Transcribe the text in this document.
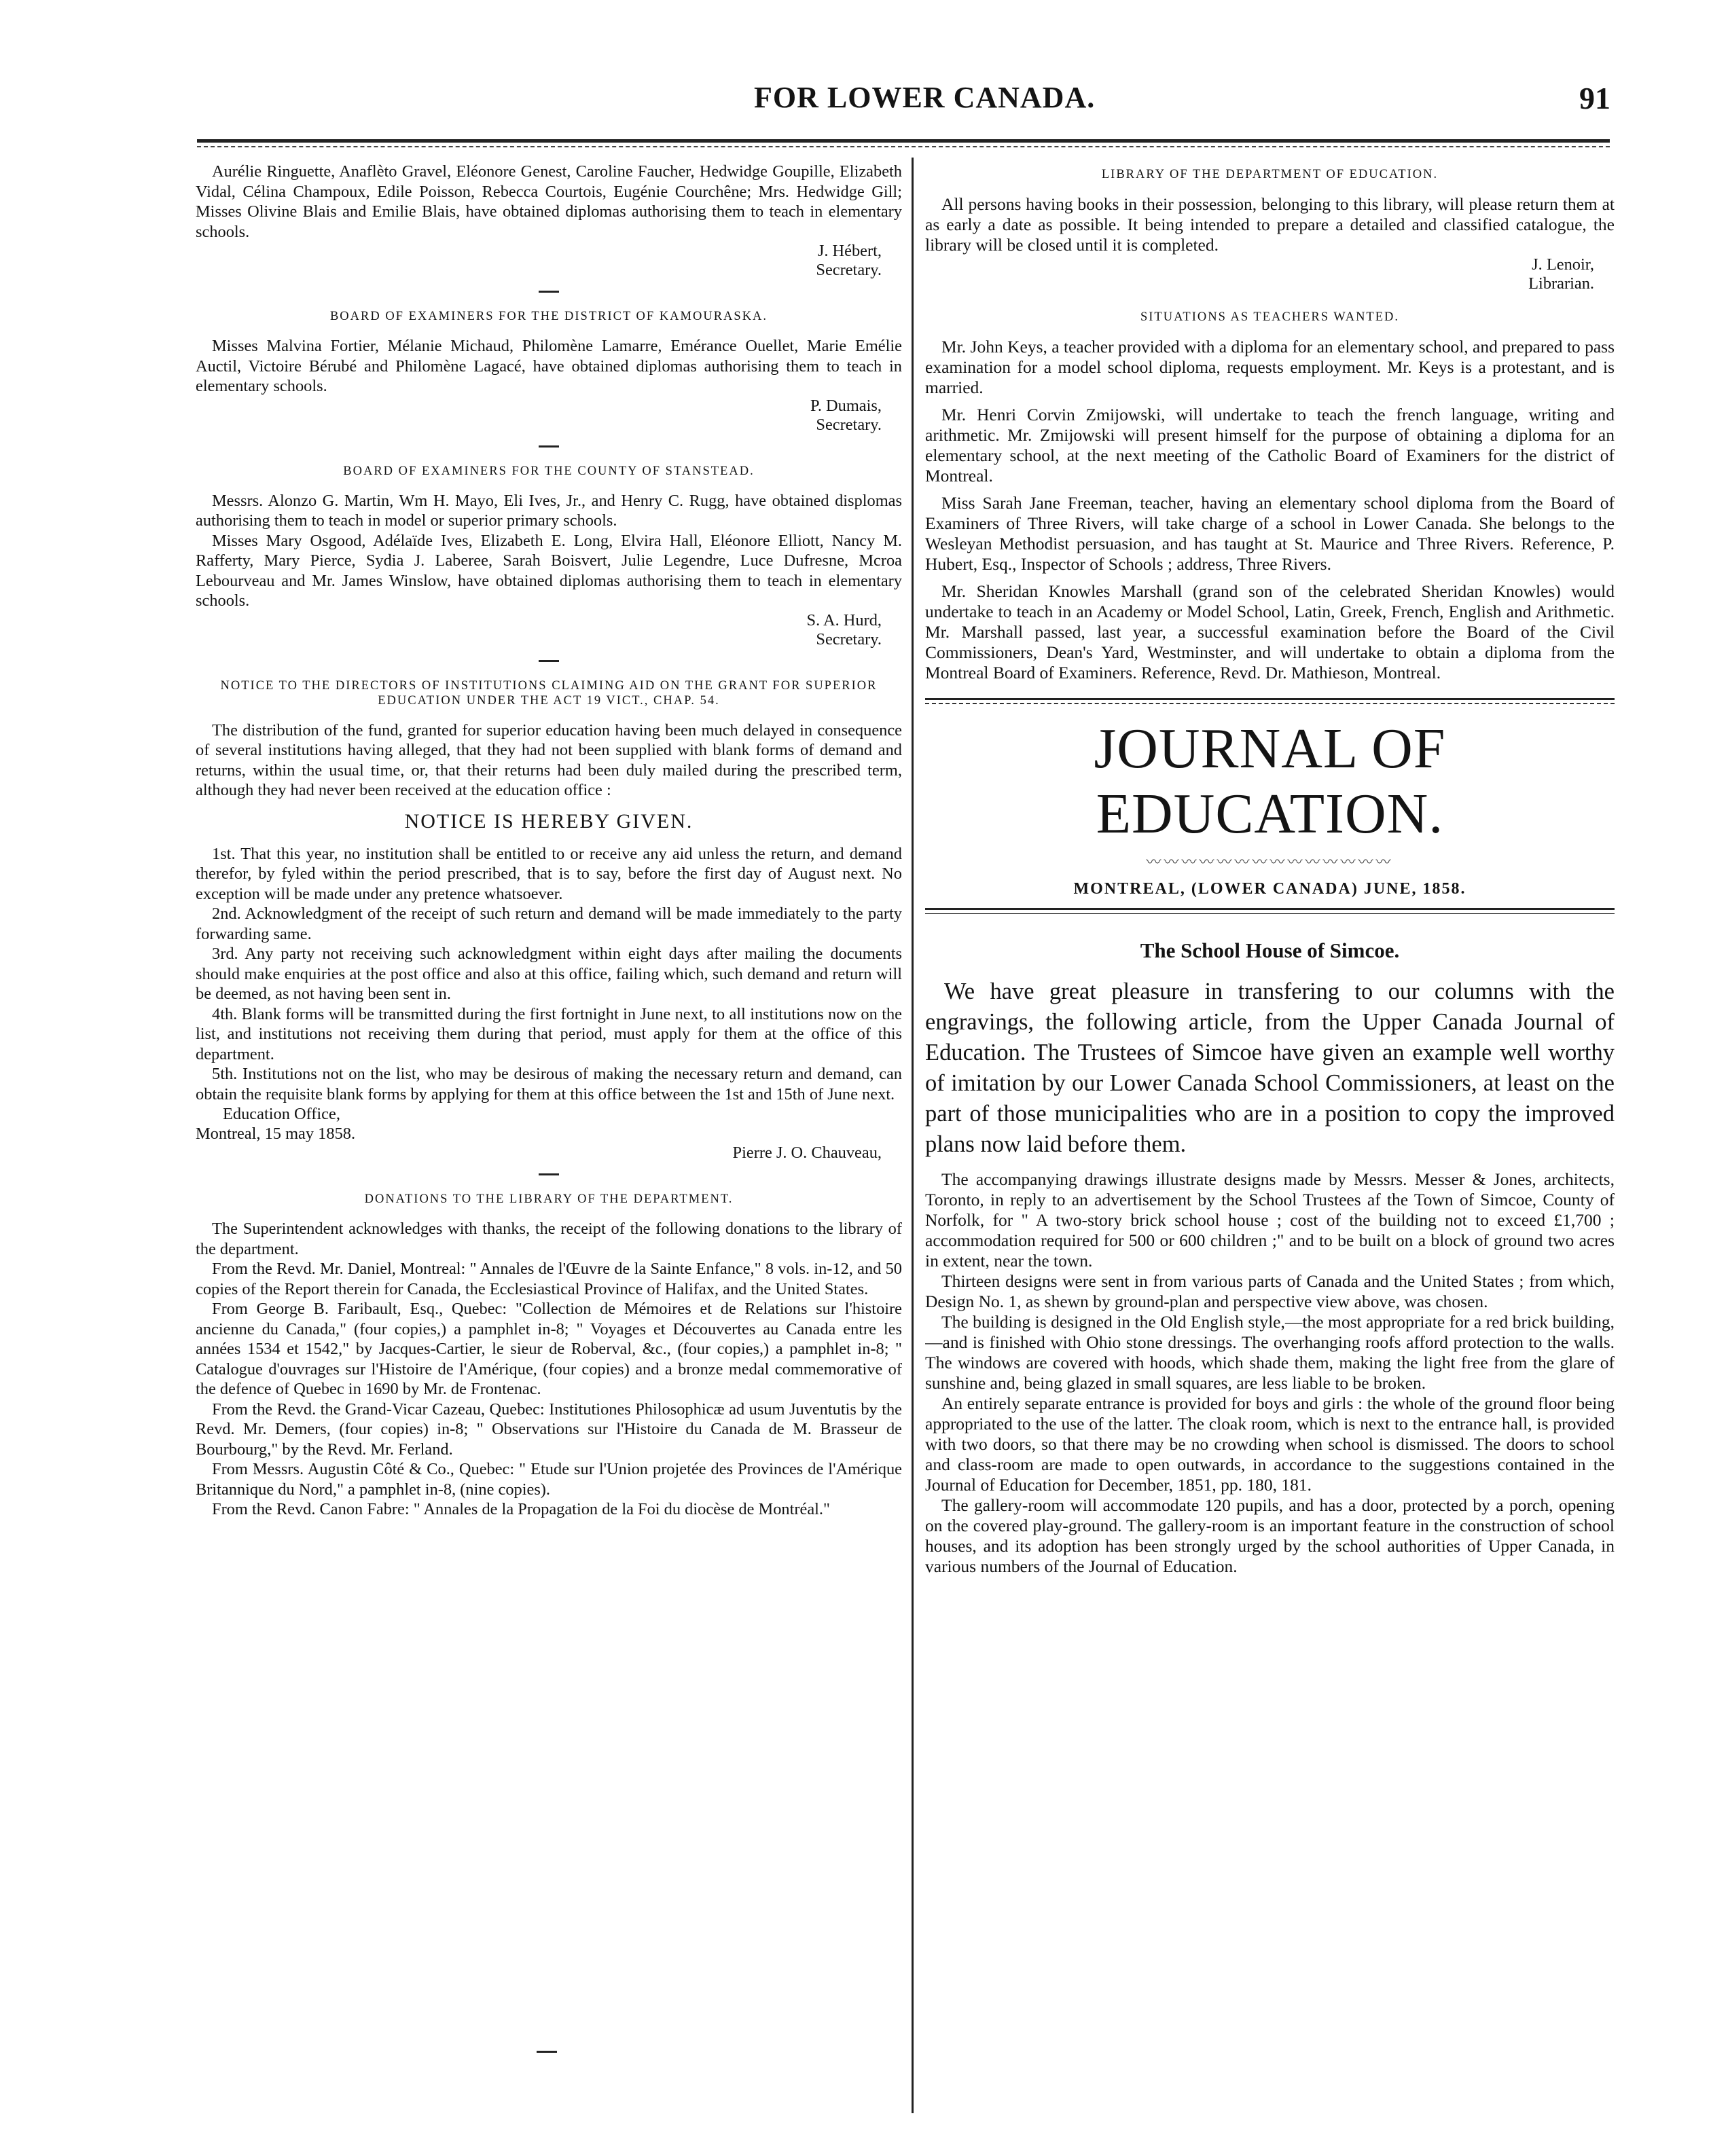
FOR LOWER CANADA.	91

Aurélie Ringuette, Anaflèto Gravel, Eléonore Genest, Caroline Faucher, Hedwidge Goupille, Elizabeth Vidal, Célina Champoux, Edile Poisson, Rebecca Courtois, Eugénie Courchêne; Mrs. Hedwidge Gill; Misses Olivine Blais and Emilie Blais, have obtained diplomas authorising them to teach in elementary schools.

J. Hébert,
Secretary.
BOARD OF EXAMINERS FOR THE DISTRICT OF KAMOURASKA.

Misses Malvina Fortier, Mélanie Michaud, Philomène Lamarre, Emérance Ouellet, Marie Emélie Auctil, Victoire Bérubé and Philomène Lagacé, have obtained diplomas authorising them to teach in elementary schools.

P. Dumais,
Secretary.
BOARD OF EXAMINERS FOR THE COUNTY OF STANSTEAD.

Messrs. Alonzo G. Martin, Wm H. Mayo, Eli Ives, Jr., and Henry C. Rugg, have obtained displomas authorising them to teach in model or superior primary schools.

Misses Mary Osgood, Adélaïde Ives, Elizabeth E. Long, Elvira Hall, Eléonore Elliott, Nancy M. Rafferty, Mary Pierce, Sydia J. Laberee, Sarah Boisvert, Julie Legendre, Luce Dufresne, Mcroa Lebourveau and Mr. James Winslow, have obtained diplomas authorising them to teach in elementary schools.

S. A. Hurd,
Secretary.
NOTICE TO THE DIRECTORS OF INSTITUTIONS CLAIMING AID ON THE GRANT FOR SUPERIOR EDUCATION UNDER THE ACT 19 VICT., CHAP. 54.

The distribution of the fund, granted for superior education having been much delayed in consequence of several institutions having alleged, that they had not been supplied with blank forms of demand and returns, within the usual time, or, that their returns had been duly mailed during the prescribed term, although they had never been received at the education office :

NOTICE IS HEREBY GIVEN.

1st. That this year, no institution shall be entitled to or receive any aid unless the return, and demand therefor, by fyled within the period prescribed, that is to say, before the first day of August next. No exception will be made under any pretence whatsoever.

2nd. Acknowledgment of the receipt of such return and demand will be made immediately to the party forwarding same.

3rd. Any party not receiving such acknowledgment within eight days after mailing the documents should make enquiries at the post office and also at this office, failing which, such demand and return will be deemed, as not having been sent in.

4th. Blank forms will be transmitted during the first fortnight in June next, to all institutions now on the list, and institutions not receiving them during that period, must apply for them at the office of this department.

5th. Institutions not on the list, who may be desirous of making the necessary return and demand, can obtain the requisite blank forms by applying for them at this office between the 1st and 15th of June next.

Education Office,
Montreal, 15 may 1858.
Pierre J. O. Chauveau,
DONATIONS TO THE LIBRARY OF THE DEPARTMENT.

The Superintendent acknowledges with thanks, the receipt of the following donations to the library of the department.

From the Revd. Mr. Daniel, Montreal: " Annales de l'Œuvre de la Sainte Enfance," 8 vols. in-12, and 50 copies of the Report therein for Canada, the Ecclesiastical Province of Halifax, and the United States.

From George B. Faribault, Esq., Quebec: "Collection de Mémoires et de Relations sur l'histoire ancienne du Canada," (four copies,) a pamphlet in-8; " Voyages et Découvertes au Canada entre les années 1534 et 1542," by Jacques-Cartier, le sieur de Roberval, &c., (four copies,) a pamphlet in-8; " Catalogue d'ouvrages sur l'Histoire de l'Amérique, (four copies) and a bronze medal commemorative of the defence of Quebec in 1690 by Mr. de Frontenac.

From the Revd. the Grand-Vicar Cazeau, Quebec: Institutiones Philosophicæ ad usum Juventutis by the Revd. Mr. Demers, (four copies) in-8; " Observations sur l'Histoire du Canada de M. Brasseur de Bourbourg," by the Revd. Mr. Ferland.

From Messrs. Augustin Côté & Co., Quebec: " Etude sur l'Union projetée des Provinces de l'Amérique Britannique du Nord," a pamphlet in-8, (nine copies).

From the Revd. Canon Fabre: " Annales de la Propagation de la Foi du diocèse de Montréal."

LIBRARY OF THE DEPARTMENT OF EDUCATION.

All persons having books in their possession, belonging to this library, will please return them at as early a date as possible. It being intended to prepare a detailed and classified catalogue, the library will be closed until it is completed.

J. Lenoir,
Librarian.
SITUATIONS AS TEACHERS WANTED.

Mr. John Keys, a teacher provided with a diploma for an elementary school, and prepared to pass examination for a model school diploma, requests employment. Mr. Keys is a protestant, and is married.

Mr. Henri Corvin Zmijowski, will undertake to teach the french language, writing and arithmetic. Mr. Zmijowski will present himself for the purpose of obtaining a diploma for an elementary school, at the next meeting of the Catholic Board of Examiners for the district of Montreal.

Miss Sarah Jane Freeman, teacher, having an elementary school diploma from the Board of Examiners of Three Rivers, will take charge of a school in Lower Canada. She belongs to the Wesleyan Methodist persuasion, and has taught at St. Maurice and Three Rivers. Reference, P. Hubert, Esq., Inspector of Schools ; address, Three Rivers.

Mr. Sheridan Knowles Marshall (grand son of the celebrated Sheridan Knowles) would undertake to teach in an Academy or Model School, Latin, Greek, French, English and Arithmetic. Mr. Marshall passed, last year, a successful examination before the Board of the Civil Commissioners, Dean's Yard, Westminster, and will undertake to obtain a diploma from the Montreal Board of Examiners. Reference, Revd. Dr. Mathieson, Montreal.

JOURNAL OF EDUCATION.
〰〰〰〰〰〰〰〰〰〰〰〰〰〰
MONTREAL, (LOWER CANADA) JUNE, 1858.
The School House of Simcoe.

We have great pleasure in transfering to our columns with the engravings, the following article, from the Upper Canada Journal of Education. The Trustees of Simcoe have given an example well worthy of imitation by our Lower Canada School Commissioners, at least on the part of those municipalities who are in a position to copy the improved plans now laid before them.

The accompanying drawings illustrate designs made by Messrs. Messer & Jones, architects, Toronto, in reply to an advertisement by the School Trustees af the Town of Simcoe, County of Norfolk, for " A two-story brick school house ; cost of the building not to exceed £1,700 ; accommodation required for 500 or 600 children ;" and to be built on a block of ground two acres in extent, near the town.

Thirteen designs were sent in from various parts of Canada and the United States ; from which, Design No. 1, as shewn by ground-plan and perspective view above, was chosen.

The building is designed in the Old English style,—the most appropriate for a red brick building,—and is finished with Ohio stone dressings. The overhanging roofs afford protection to the walls. The windows are covered with hoods, which shade them, making the light free from the glare of sunshine and, being glazed in small squares, are less liable to be broken.

An entirely separate entrance is provided for boys and girls : the whole of the ground floor being appropriated to the use of the latter. The cloak room, which is next to the entrance hall, is provided with two doors, so that there may be no crowding when school is dismissed. The doors to school and class-room are made to open outwards, in accordance to the suggestions contained in the Journal of Education for December, 1851, pp. 180, 181.

The gallery-room will accommodate 120 pupils, and has a door, protected by a porch, opening on the covered play-ground. The gallery-room is an important feature in the construction of school houses, and its adoption has been strongly urged by the school authorities of Upper Canada, in various numbers of the Journal of Education.
